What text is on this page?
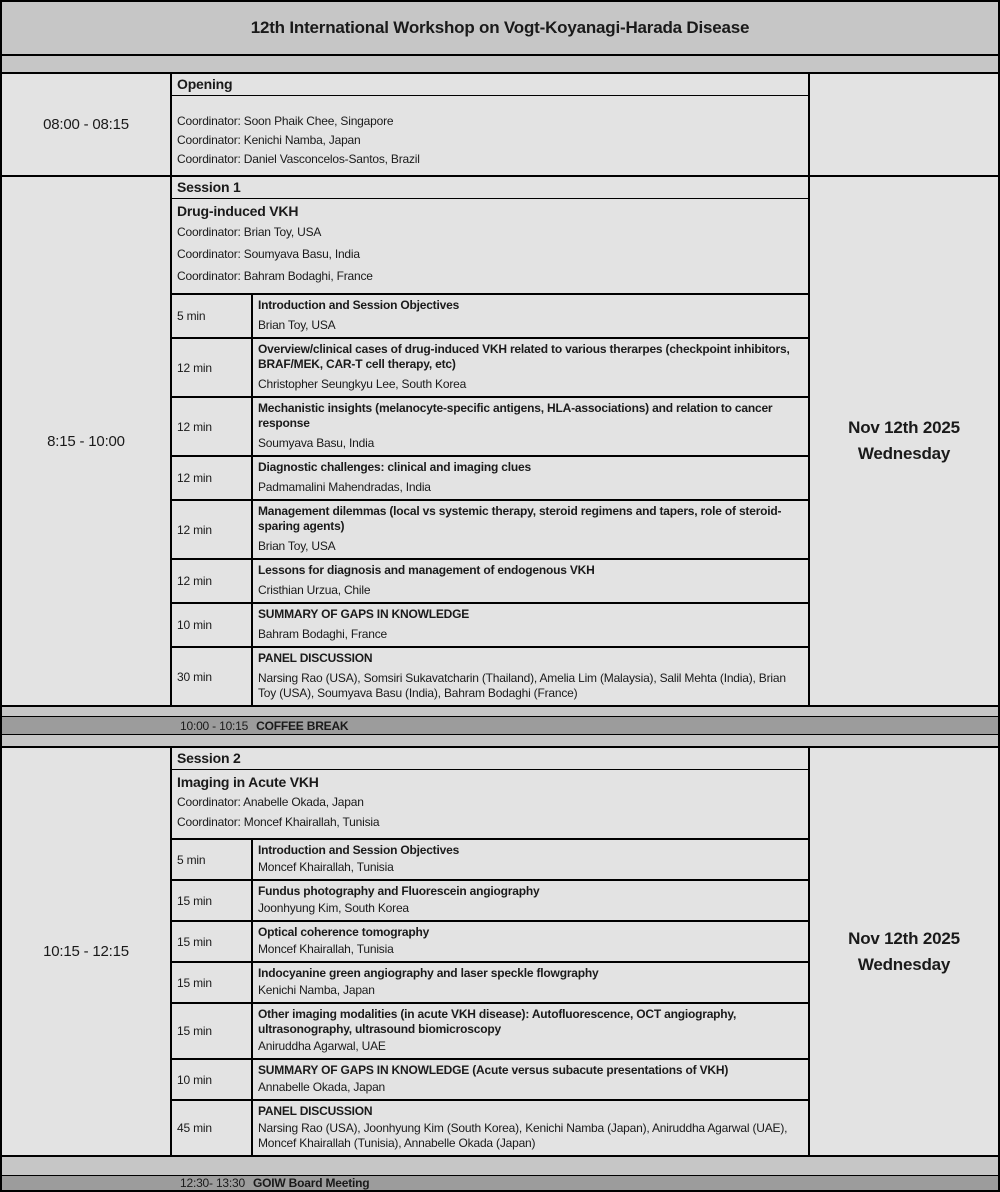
12th International Workshop on Vogt-Koyanagi-Harada Disease
08:00 - 08:15
Opening
Coordinator: Soon Phaik Chee, Singapore
Coordinator: Kenichi Namba, Japan
Coordinator: Daniel Vasconcelos-Santos, Brazil
8:15 - 10:00
Session 1
Drug-induced VKH
Coordinator: Brian Toy, USA
Coordinator: Soumyava Basu, India
Coordinator: Bahram Bodaghi, France
5 min
Introduction and Session Objectives
Brian Toy, USA
12 min
Overview/clinical cases of drug-induced VKH related to various therarpes (checkpoint inhibitors, BRAF/MEK, CAR-T cell therapy, etc)
Christopher Seungkyu Lee, South Korea
12 min
Mechanistic insights (melanocyte-specific antigens, HLA-associations) and relation to cancer response
Soumyava Basu, India
12 min
Diagnostic challenges: clinical and imaging clues
Padmamalini Mahendradas, India
12 min
Management dilemmas (local vs systemic therapy, steroid regimens and tapers, role of steroid-sparing agents)
Brian Toy, USA
12 min
Lessons for diagnosis and management of endogenous VKH
Cristhian Urzua, Chile
10 min
SUMMARY OF GAPS IN KNOWLEDGE
Bahram Bodaghi, France
30 min
PANEL DISCUSSION
Narsing Rao (USA), Somsiri Sukavatcharin (Thailand), Amelia Lim (Malaysia), Salil Mehta (India), Brian Toy (USA), Soumyava Basu (India), Bahram Bodaghi (France)
Nov 12th 2025
Wednesday
10:00 - 10:15 COFFEE BREAK
10:15 - 12:15
Session 2
Imaging in Acute VKH
Coordinator: Anabelle Okada, Japan
Coordinator: Moncef Khairallah, Tunisia
5 min
Introduction and Session Objectives
Moncef Khairallah, Tunisia
15 min
Fundus photography and Fluorescein angiography
Joonhyung Kim, South Korea
15 min
Optical coherence tomography
Moncef Khairallah, Tunisia
15 min
Indocyanine green angiography and laser speckle flowgraphy
Kenichi Namba, Japan
15 min
Other imaging modalities (in acute VKH disease): Autofluorescence, OCT angiography, ultrasonography, ultrasound biomicroscopy
Aniruddha Agarwal, UAE
10 min
SUMMARY OF GAPS IN KNOWLEDGE (Acute versus subacute presentations of VKH)
Annabelle Okada, Japan
45 min
PANEL DISCUSSION
Narsing Rao (USA), Joonhyung Kim (South Korea), Kenichi Namba (Japan), Aniruddha Agarwal (UAE), Moncef Khairallah (Tunisia), Annabelle Okada (Japan)
Nov 12th 2025
Wednesday
12:30- 13:30 GOIW Board Meeting
